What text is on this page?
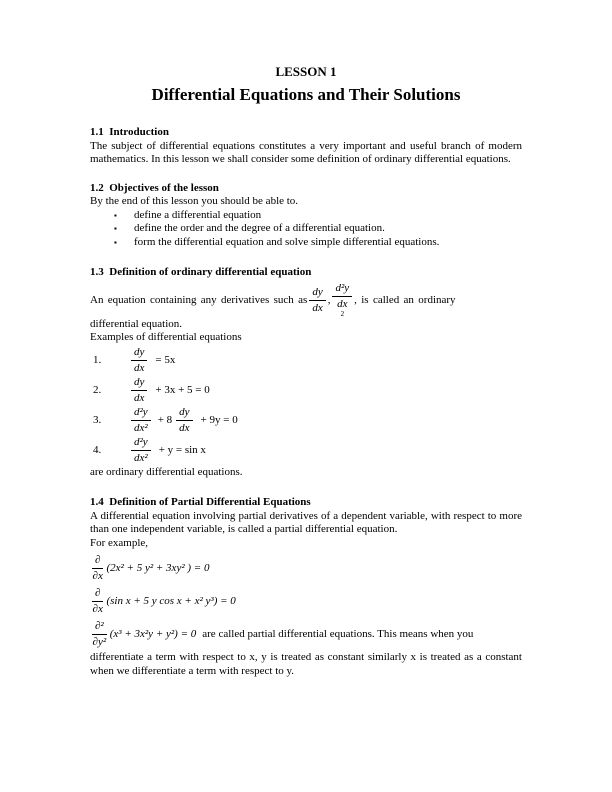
LESSON 1
Differential Equations and Their Solutions
1.1  Introduction

The subject of differential equations constitutes a very important and useful branch of modern mathematics. In this lesson we shall consider some definition of ordinary differential equations.

1.2  Objectives of the lesson

By the end of this lesson you should be able to.

▪	define a differential equation
▪	define the order and the degree of a differential equation.
▪	form the differential equation and solve simple differential equations.
1.3  Definition of ordinary differential equation
An equation containing any derivatives such as $\frac{dy}{dx}$ ,
d²y
dx
2
, is called an ordinary

differential equation.

Examples of differential equations

1.	$\frac{dy}{dx} = 5x$
2.	$\frac{dy}{dx} + 3x + 5 = 0$
3.	$\frac{\text{d²y}}{\text{dx²}} + 8 \frac{dy}{dx} + 9y = 0$
4.	$\frac{\text{d²y}}{\text{dx²}} + y = \sin x$

are ordinary differential equations.

1.4  Definition of Partial Differential Equations

A differential equation involving partial derivatives of a dependent variable, with respect to more than one independent variable, is called a partial differential equation.

For example,

$\frac{\partial}{\partial x} (2x^2 + 5$ y² + 3xy² ) = 0
$\frac{\partial}{\partial x} (\sin$ x + 5 y cos x + x² y³) = 0
$\frac{\text{∂²}}{\text{∂y²}} (x^3 + 3x^2y + y^2) = 0$ are called partial differential equations. This means when you

differentiate a term with respect to x, y is treated as constant similarly x is treated as a constant when we differentiate a term with respect to y.
